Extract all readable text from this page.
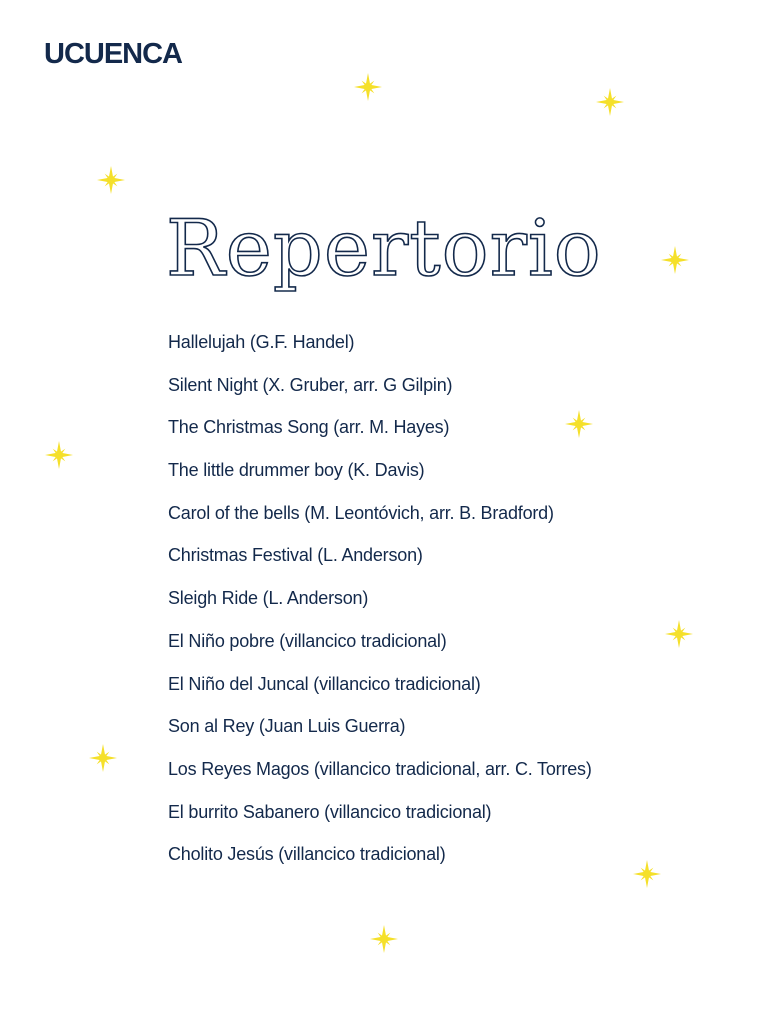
UCUENCA
Repertorio
Hallelujah (G.F. Handel)
Silent Night (X. Gruber, arr. G Gilpin)
The Christmas Song (arr. M. Hayes)
The little drummer boy (K. Davis)
Carol of the bells (M. Leontóvich, arr. B. Bradford)
Christmas Festival (L. Anderson)
Sleigh Ride (L. Anderson)
El Niño pobre (villancico tradicional)
El Niño del Juncal (villancico tradicional)
Son al Rey (Juan Luis Guerra)
Los Reyes Magos (villancico tradicional, arr. C. Torres)
El burrito Sabanero (villancico tradicional)
Cholito Jesús (villancico tradicional)
